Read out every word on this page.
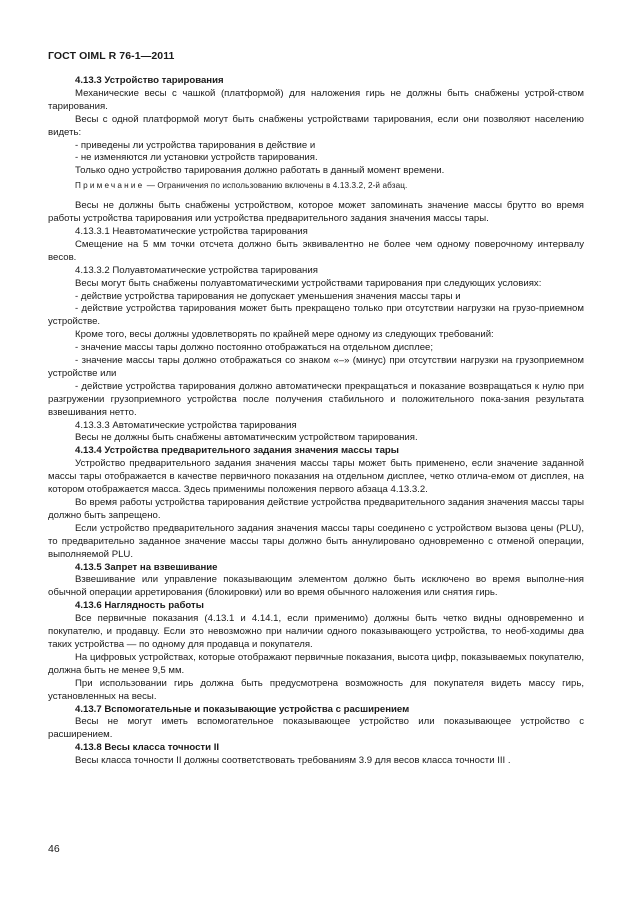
ГОСТ OIML R 76-1—2011

4.13.3 Устройство тарирования

Механические весы с чашкой (платформой) для наложения гирь не должны быть снабжены устрой-ством тарирования.

Весы с одной платформой могут быть снабжены устройствами тарирования, если они позволяют населению видеть:

- приведены ли устройства тарирования в действие и

- не изменяются ли установки устройств тарирования.

Только одно устройство тарирования должно работать в данный момент времени.

Примечание — Ограничения по использованию включены в 4.13.3.2, 2-й абзац.

Весы не должны быть снабжены устройством, которое может запоминать значение массы брутто во время работы устройства тарирования или устройства предварительного задания значения массы тары.

4.13.3.1 Неавтоматические устройства тарирования

Смещение на 5 мм точки отсчета должно быть эквивалентно не более чем одному поверочному интервалу весов.

4.13.3.2 Полуавтоматические устройства тарирования

Весы могут быть снабжены полуавтоматическими устройствами тарирования при следующих условиях:

- действие устройства тарирования не допускает уменьшения значения массы тары и

- действие устройства тарирования может быть прекращено только при отсутствии нагрузки на грузо-приемном устройстве.

Кроме того, весы должны удовлетворять по крайней мере одному из следующих требований:

- значение массы тары должно постоянно отображаться на отдельном дисплее;

- значение массы тары должно отображаться со знаком «–» (минус) при отсутствии нагрузки на грузоприемном устройстве или

- действие устройства тарирования должно автоматически прекращаться и показание возвращаться к нулю при разгружении грузоприемного устройства после получения стабильного и положительного пока-зания результата взвешивания нетто.

4.13.3.3 Автоматические устройства тарирования

Весы не должны быть снабжены автоматическим устройством тарирования.

4.13.4 Устройства предварительного задания значения массы тары

Устройство предварительного задания значения массы тары может быть применено, если значение заданной массы тары отображается в качестве первичного показания на отдельном дисплее, четко отлича-емом от дисплея, на котором отображается масса. Здесь применимы положения первого абзаца 4.13.3.2.

Во время работы устройства тарирования действие устройства предварительного задания значения массы тары должно быть запрещено.

Если устройство предварительного задания значения массы тары соединено с устройством вызова цены (PLU), то предварительно заданное значение массы тары должно быть аннулировано одновременно с отменой операции, выполняемой PLU.

4.13.5 Запрет на взвешивание

Взвешивание или управление показывающим элементом должно быть исключено во время выполне-ния обычной операции арретирования (блокировки) или во время обычного наложения или снятия гирь.

4.13.6 Наглядность работы

Все первичные показания (4.13.1 и 4.14.1, если применимо) должны быть четко видны одновременно и покупателю, и продавцу. Если это невозможно при наличии одного показывающего устройства, то необ-ходимы два таких устройства — по одному для продавца и покупателя.

На цифровых устройствах, которые отображают первичные показания, высота цифр, показываемых покупателю, должна быть не менее 9,5 мм.

При использовании гирь должна быть предусмотрена возможность для покупателя видеть массу гирь, установленных на весы.

4.13.7 Вспомогательные и показывающие устройства с расширением

Весы не могут иметь вспомогательное показывающее устройство или показывающее устройство с расширением.

4.13.8 Весы класса точности II

Весы класса точности II должны соответствовать требованиям 3.9 для весов класса точности III .

46
